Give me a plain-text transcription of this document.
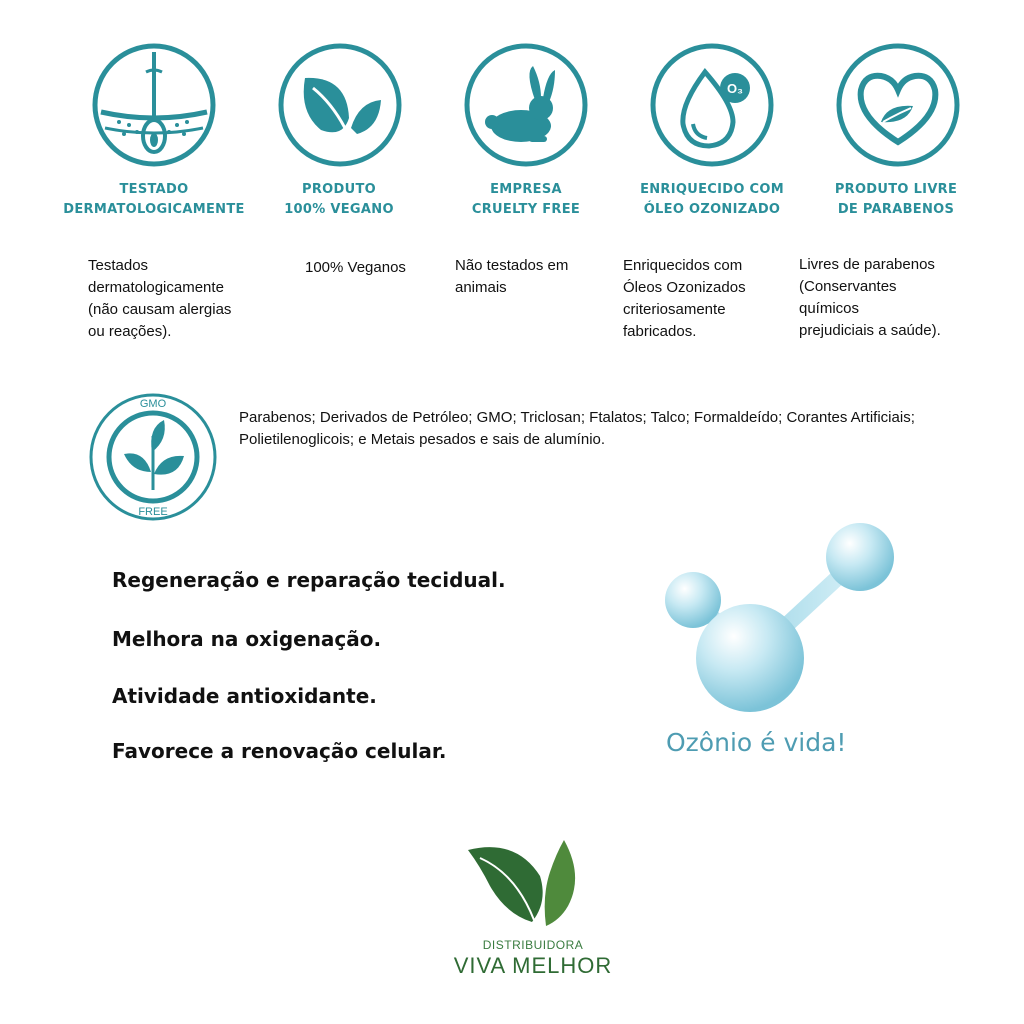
TESTADO
DERMATOLOGICAMENTE
PRODUTO
100% VEGANO
EMPRESA
CRUELTY FREE
O₃
ENRIQUECIDO COM
ÓLEO OZONIZADO
PRODUTO LIVRE
DE PARABENOS
Testados
dermatologicamente
(não causam alergias
ou reações).
100% Veganos	Não testados em
animais
Enriquecidos com
Óleos Ozonizados
criteriosamente
fabricados.
Livres de parabenos
(Conservantes
químicos
prejudiciais a saúde).
GMO
FREE
Parabenos; Derivados de Petróleo; GMO; Triclosan; Ftalatos; Talco; Formaldeído; Corantes Artificiais; Polietilenoglicois; e Metais pesados e sais de alumínio.
Regeneração e reparação tecidual.
Melhora na oxigenação.
Atividade antioxidante.
Favorece a renovação celular.	Ozônio é vida!
DISTRIBUIDORA
VIVA MELHOR
